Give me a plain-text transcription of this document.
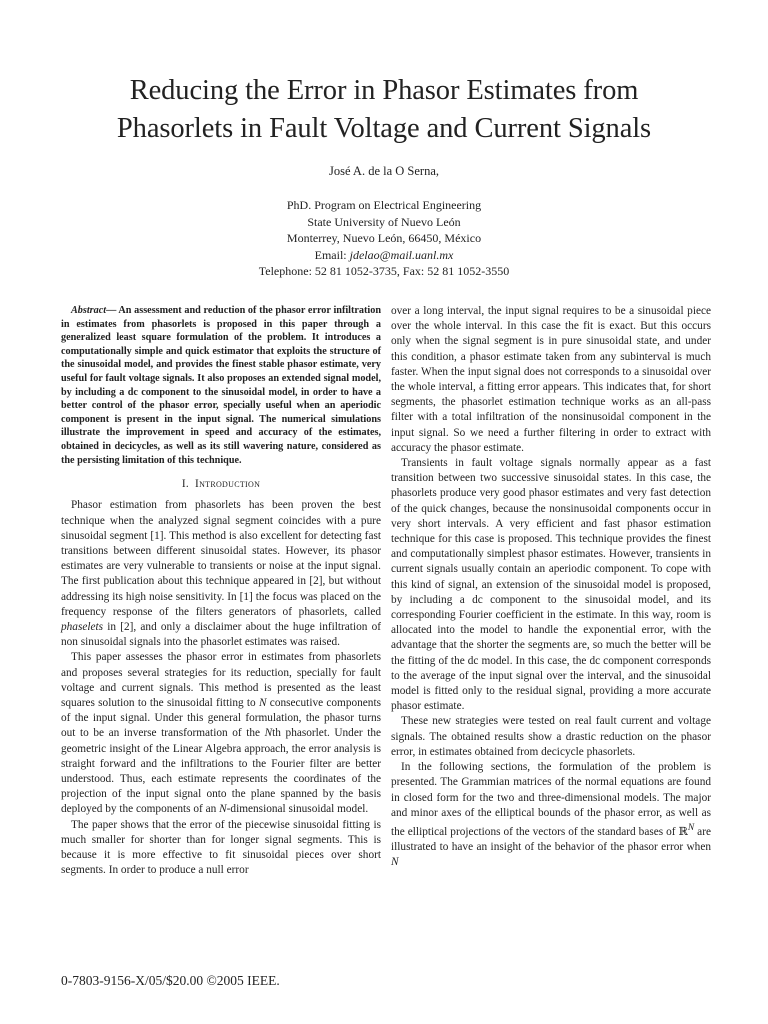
Reducing the Error in Phasor Estimates from
Phasorlets in Fault Voltage and Current Signals

José A. de la O Serna,

PhD. Program on Electrical Engineering
State University of Nuevo León
Monterrey, Nuevo León, 66450, México
Email: jdelao@mail.uanl.mx
Telephone: 52 81 1052-3735, Fax: 52 81 1052-3550

Abstract— An assessment and reduction of the phasor error infiltration in estimates from phasorlets is proposed in this paper through a generalized least square formulation of the problem. It introduces a computationally simple and quick estimator that exploits the structure of the sinusoidal model, and provides the finest stable phasor estimate, very useful for fault voltage signals. It also proposes an extended signal model, by including a dc component to the sinusoidal model, in order to have a better control of the phasor error, specially useful when an aperiodic component is present in the input signal. The numerical simulations illustrate the improvement in speed and accuracy of the estimates, obtained in decicycles, as well as its still wavering nature, considered as the persisting limitation of this technique.

I. Introduction

Phasor estimation from phasorlets has been proven the best technique when the analyzed signal segment coincides with a pure sinusoidal segment [1]. This method is also excellent for detecting fast transitions between different sinusoidal states. However, its phasor estimates are very vulnerable to transients or noise at the input signal. The first publication about this technique appeared in [2], but without addressing its high noise sensitivity. In [1] the focus was placed on the frequency response of the filters generators of phasorlets, called phaselets in [2], and only a disclaimer about the huge infiltration of non sinusoidal signals into the phasorlet estimates was raised.

This paper assesses the phasor error in estimates from phasorlets and proposes several strategies for its reduction, specially for fault voltage and current signals. This method is presented as the least squares solution to the sinusoidal fitting to N consecutive components of the input signal. Under this general formulation, the phasor turns out to be an inverse transformation of the Nth phasorlet. Under the geometric insight of the Linear Algebra approach, the error analysis is straight forward and the infiltrations to the Fourier filter are better understood. Thus, each estimate represents the coordinates of the projection of the input signal onto the plane spanned by the basis deployed by the components of an N-dimensional sinusoidal model.

The paper shows that the error of the piecewise sinusoidal fitting is much smaller for shorter than for longer signal segments. This is because it is more effective to fit sinusoidal pieces over short segments. In order to produce a null error

over a long interval, the input signal requires to be a sinusoidal piece over the whole interval. In this case the fit is exact. But this occurs only when the signal segment is in pure sinusoidal state, and under this condition, a phasor estimate taken from any subinterval is much faster. When the input signal does not corresponds to a sinusoidal over the whole interval, a fitting error appears. This indicates that, for short segments, the phasorlet estimation technique works as an all-pass filter with a total infiltration of the nonsinusoidal component in the input signal. So we need a further filtering in order to extract with accuracy the phasor estimate.

Transients in fault voltage signals normally appear as a fast transition between two successive sinusoidal states. In this case, the phasorlets produce very good phasor estimates and very fast detection of the quick changes, because the nonsinusoidal components occur in very short intervals. A very efficient and fast phasor estimation technique for this case is proposed. This technique provides the finest and computationally simplest phasor estimates. However, transients in current signals usually contain an aperiodic component. To cope with this kind of signal, an extension of the sinusoidal model is proposed, by including a dc component to the sinusoidal model, and its corresponding Fourier coefficient in the estimate. In this way, room is allocated into the model to handle the exponential error, with the advantage that the shorter the segments are, so much the better will be the fitting of the dc model. In this case, the dc component corresponds to the average of the input signal over the interval, and the sinusoidal model is fitted only to the residual signal, providing a more accurate phasor estimate.

These new strategies were tested on real fault current and voltage signals. The obtained results show a drastic reduction on the phasor error, in estimates obtained from decicycle phasorlets.

In the following sections, the formulation of the problem is presented. The Grammian matrices of the normal equations are found in closed form for the two and three-dimensional models. The major and minor axes of the elliptical bounds of the phasor error, as well as the elliptical projections of the vectors of the standard bases of ℝ$^N$ are illustrated to have an insight of the behavior of the phasor error when N

0-7803-9156-X/05/$20.00 ©2005 IEEE.
